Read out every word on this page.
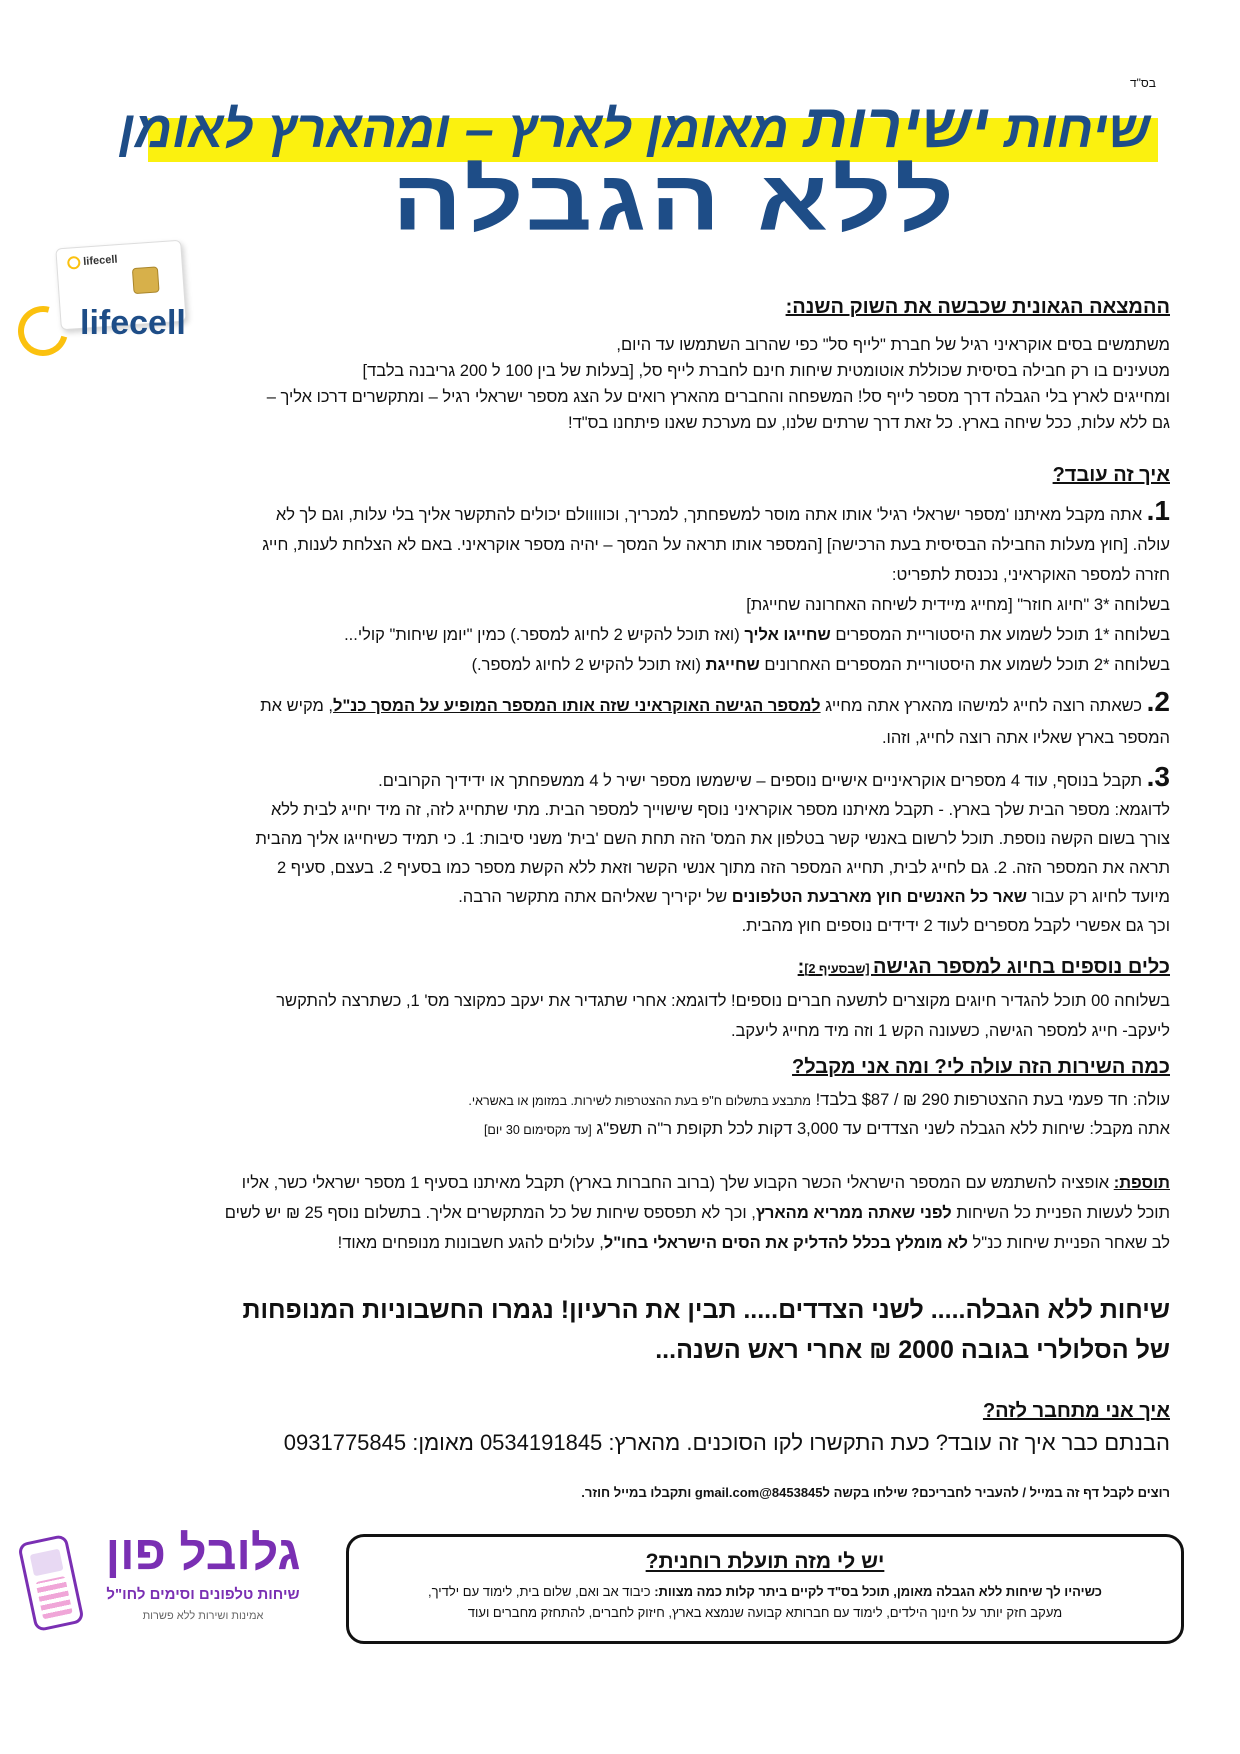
בס"ד
שיחות ישירות מאומן לארץ – ומהארץ לאומן
ללא הגבלה
lifecell
lifecell	ההמצאה הגאונית שכבשה את השוק השנה:
משתמשים בסים אוקראיני רגיל של חברת "לייף סל" כפי שהרוב השתמשו עד היום,
מטעינים בו רק חבילה בסיסית שכוללת אוטומטית שיחות חינם לחברת לייף סל, [בעלות של בין 100 ל 200 גריבנה בלבד]
ומחייגים לארץ בלי הגבלה דרך מספר לייף סל! המשפחה והחברים מהארץ רואים על הצג מספר ישראלי רגיל – ומתקשרים דרכו אליך –
גם ללא עלות, ככל שיחה בארץ. כל זאת דרך שרתים שלנו, עם מערכת שאנו פיתחנו בס"ד!
איך זה עובד?
1. אתה מקבל מאיתנו 'מספר ישראלי רגיל' אותו אתה מוסר למשפחתך, למכריך, וכווווולם יכולים להתקשר אליך בלי עלות, וגם לך לא
עולה. [חוץ מעלות החבילה הבסיסית בעת הרכישה] [המספר אותו תראה על המסך – יהיה מספר אוקראיני. באם לא הצלחת לענות, חייג
חזרה למספר האוקראיני, נכנסת לתפריט:
בשלוחה *3 "חיוג חוזר" [מחייג מיידית לשיחה האחרונה שחייגת]
בשלוחה *1 תוכל לשמוע את היסטוריית המספרים שחייגו אליך (ואז תוכל להקיש 2 לחיוג למספר.) כמין "יומן שיחות" קולי...
בשלוחה *2 תוכל לשמוע את היסטוריית המספרים האחרונים שחייגת (ואז תוכל להקיש 2 לחיוג למספר.)
2. כשאתה רוצה לחייג למישהו מהארץ אתה מחייג למספר הגישה האוקראיני שזה אותו המספר המופיע על המסך כנ"ל, מקיש את
המספר בארץ שאליו אתה רוצה לחייג, וזהו.
3. תקבל בנוסף, עוד 4 מספרים אוקראיניים אישיים נוספים – שישמשו מספר ישיר ל 4 ממשפחתך או ידידיך הקרובים.
לדוגמא: מספר הבית שלך בארץ. - תקבל מאיתנו מספר אוקראיני נוסף שישוייך למספר הבית. מתי שתחייג לזה, זה מיד יחייג לבית ללא
צורך בשום הקשה נוספת. תוכל לרשום באנשי קשר בטלפון את המס' הזה תחת השם 'בית' משני סיבות: 1. כי תמיד כשיחייגו אליך מהבית
תראה את המספר הזה. 2. גם לחייג לבית, תחייג המספר הזה מתוך אנשי הקשר וזאת ללא הקשת מספר כמו בסעיף 2. בעצם, סעיף 2
מיועד לחיוג רק עבור שאר כל האנשים חוץ מארבעת הטלפונים של יקיריך שאליהם אתה מתקשר הרבה.
וכך גם אפשרי לקבל מספרים לעוד 2 ידידים נוספים חוץ מהבית.
כלים נוספים בחיוג למספר הגישה [שבסעיף 2]:
בשלוחה 00 תוכל להגדיר חיוגים מקוצרים לתשעה חברים נוספים! לדוגמא: אחרי שתגדיר את יעקב כמקוצר מס' 1, כשתרצה להתקשר
ליעקב- חייג למספר הגישה, כשעונה הקש 1 וזה מיד מחייג ליעקב.
כמה השירות הזה עולה לי? ומה אני מקבל?
עולה: חד פעמי בעת ההצטרפות 290 ₪ / $87 בלבד! מתבצע בתשלום ח"פ בעת ההצטרפות לשירות. במזומן או באשראי.
אתה מקבל: שיחות ללא הגבלה לשני הצדדים עד 3,000 דקות לכל תקופת ר"ה תשפ"ג [עד מקסימום 30 יום]
תוספת: אופציה להשתמש עם המספר הישראלי הכשר הקבוע שלך (ברוב החברות בארץ) תקבל מאיתנו בסעיף 1 מספר ישראלי כשר, אליו
תוכל לעשות הפניית כל השיחות לפני שאתה ממריא מהארץ, וכך לא תפספס שיחות של כל המתקשרים אליך. בתשלום נוסף 25 ₪ יש לשים
לב שאחר הפניית שיחות כנ"ל לא מומלץ בכלל להדליק את הסים הישראלי בחו"ל, עלולים להגע חשבונות מנופחים מאוד!
שיחות ללא הגבלה..... לשני הצדדים..... תבין את הרעיון! נגמרו החשבוניות המנופחות
של הסלולרי בגובה 2000 ₪ אחרי ראש השנה...
איך אני מתחבר לזה?
הבנתם כבר איך זה עובד? כעת התקשרו לקו הסוכנים. מהארץ: 0534191845 מאומן: 0931775845
רוצים לקבל דף זה במייל / להעביר לחבריכם? שילחו בקשה ל8453845@gmail.com ותקבלו במייל חוזר.
גלובל פון
שיחות טלפונים וסימים לחו"ל
אמינות ושירות ללא פשרות
יש לי מזה תועלת רוחנית?
כשיהיו לך שיחות ללא הגבלה מאומן, תוכל בס"ד לקיים ביתר קלות כמה מצוות: כיבוד אב ואם, שלום בית, לימוד עם ילדיך,
מעקב חזק יותר על חינוך הילדים, לימוד עם חברותא קבועה שנמצא בארץ, חיזוק לחברים, להתחזק מחברים ועוד
